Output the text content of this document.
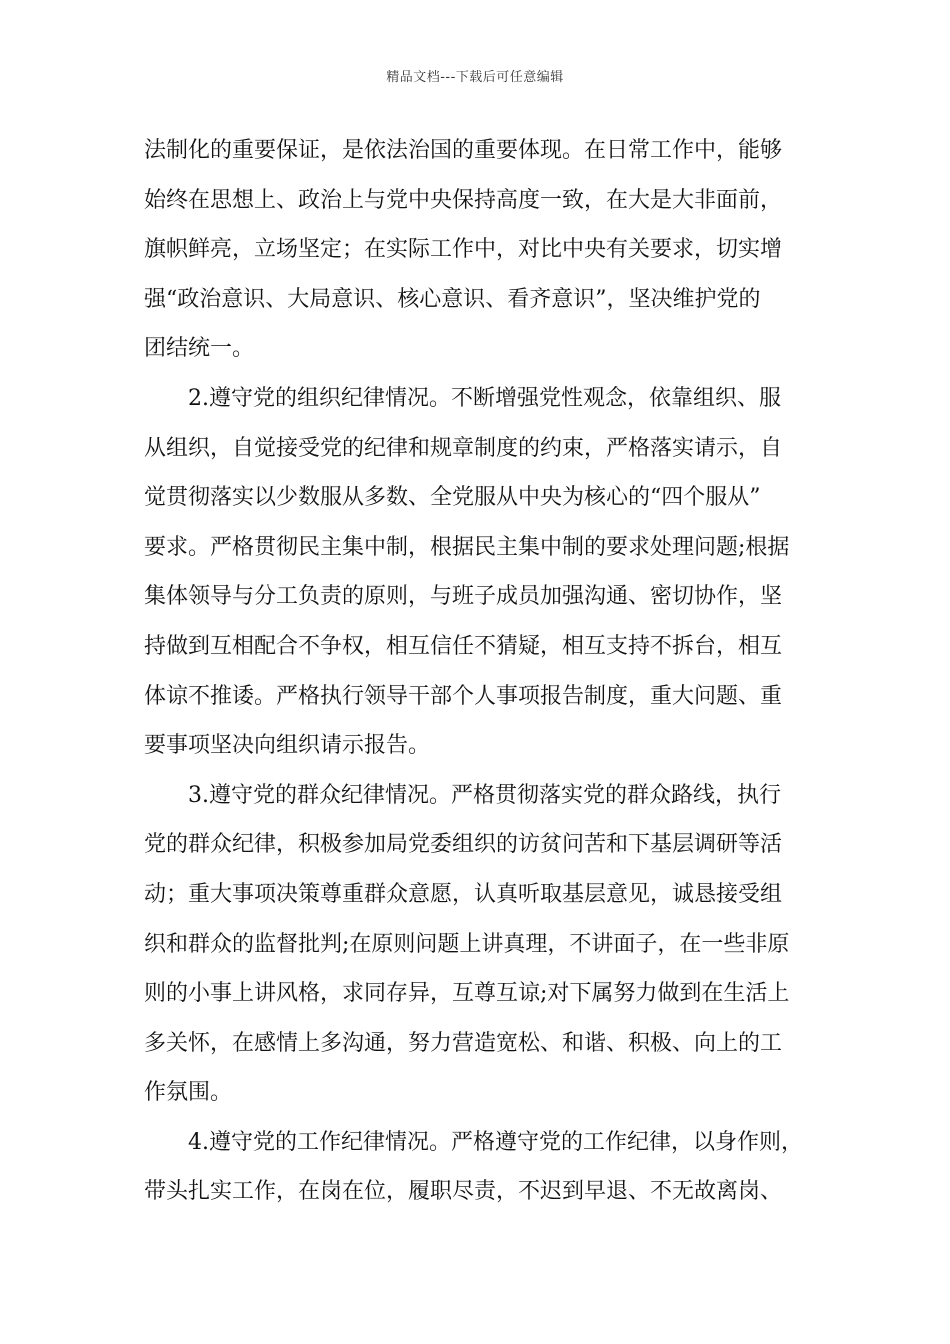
精品文档---下载后可任意编辑
法制化的重要保证，是依法治国的重要体现。在日常工作中，能够
始终在思想上、政治上与党中央保持高度一致，在大是大非面前，
旗帜鲜亮，立场坚定；在实际工作中，对比中央有关要求，切实增
强“政治意识、大局意识、核心意识、看齐意识”，坚决维护党的
团结统一。
　　2.遵守党的组织纪律情况。不断增强党性观念，依靠组织、服
从组织，自觉接受党的纪律和规章制度的约束，严格落实请示，自
觉贯彻落实以少数服从多数、全党服从中央为核心的“四个服从”
要求。严格贯彻民主集中制，根据民主集中制的要求处理问题;根据
集体领导与分工负责的原则，与班子成员加强沟通、密切协作，坚
持做到互相配合不争权，相互信任不猜疑，相互支持不拆台，相互
体谅不推诿。严格执行领导干部个人事项报告制度，重大问题、重
要事项坚决向组织请示报告。
　　3.遵守党的群众纪律情况。严格贯彻落实党的群众路线，执行
党的群众纪律，积极参加局党委组织的访贫问苦和下基层调研等活
动；重大事项决策尊重群众意愿，认真听取基层意见，诚恳接受组
织和群众的监督批判;在原则问题上讲真理，不讲面子，在一些非原
则的小事上讲风格，求同存异，互尊互谅;对下属努力做到在生活上
多关怀，在感情上多沟通，努力营造宽松、和谐、积极、向上的工
作氛围。
　　4.遵守党的工作纪律情况。严格遵守党的工作纪律，以身作则，
带头扎实工作，在岗在位，履职尽责，不迟到早退、不无故离岗、
